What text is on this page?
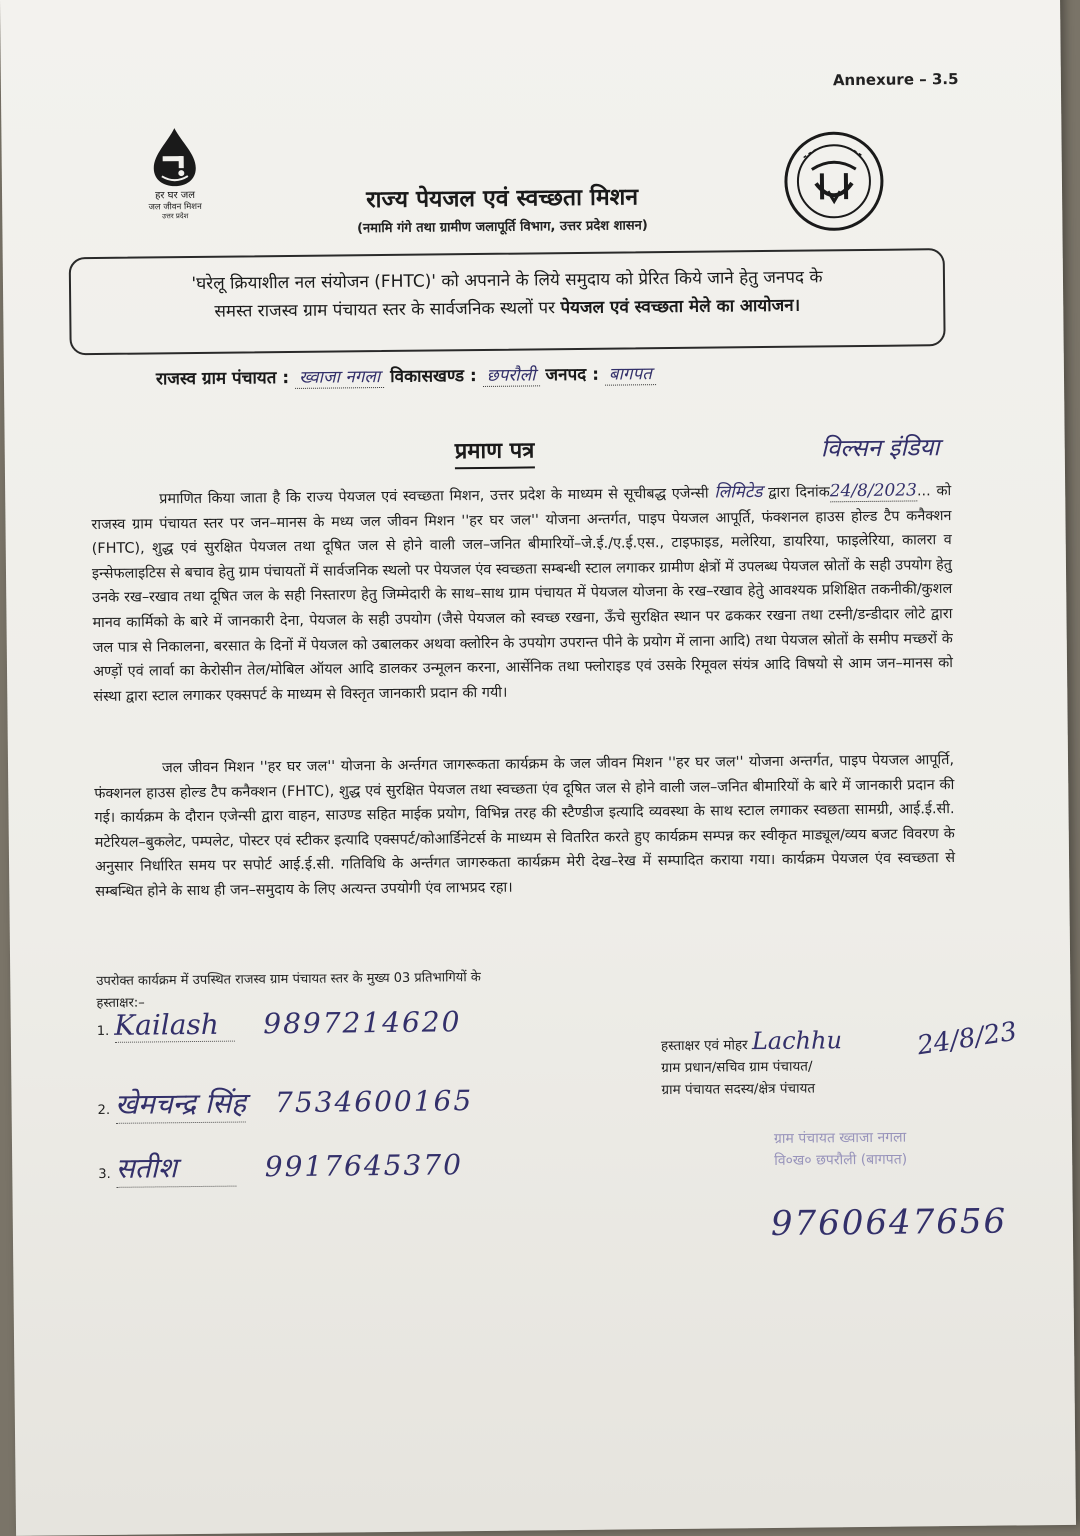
Annexure – 3.5
हर घर जल
जल जीवन मिशन
उत्तर प्रदेश
राज्य पेयजल एवं स्वच्छता मिशन
(नमामि गंगे तथा ग्रामीण जलापूर्ति विभाग, उत्तर प्रदेश शासन)
'घरेलू क्रियाशील नल संयोजन (FHTC)' को अपनाने के लिये समुदाय को प्रेरित किये जाने हेतु जनपद के
समस्त राजस्व ग्राम पंचायत स्तर के सार्वजनिक स्थलों पर पेयजल एवं स्वच्छता मेले का आयोजन।
राजस्व ग्राम पंचायत : ख्वाजा नगला विकासखण्ड : छपरौली जनपद : बागपत
प्रमाण पत्र	विल्सन इंडिया

प्रमाणित किया जाता है कि राज्य पेयजल एवं स्वच्छता मिशन, उत्तर प्रदेश के माध्यम से सूचीबद्ध एजेन्सी लिमिटेड द्वारा दिनांक24/8/2023... को राजस्व ग्राम पंचायत स्तर पर जन–मानस के मध्य जल जीवन मिशन ''हर घर जल'' योजना अन्तर्गत, पाइप पेयजल आपूर्ति, फंक्शनल हाउस होल्ड टैप कनैक्शन (FHTC), शुद्ध एवं सुरक्षित पेयजल तथा दूषित जल से होने वाली जल–जनित बीमारियों–जे.ई./ए.ई.एस., टाइफाइड, मलेरिया, डायरिया, फाइलेरिया, कालरा व इन्सेफलाइटिस से बचाव हेतु ग्राम पंचायतों में सार्वजनिक स्थलो पर पेयजल एंव स्वच्छता सम्बन्धी स्टाल लगाकर ग्रामीण क्षेत्रों में उपलब्ध पेयजल स्रोतों के सही उपयोग हेतु उनके रख–रखाव तथा दूषित जल के सही निस्तारण हेतु जिम्मेदारी के साथ–साथ ग्राम पंचायत में पेयजल योजना के रख–रखाव हेतुे आवश्यक प्रशिक्षित तकनीकी/कुशल मानव कार्मिको के बारे में जानकारी देना, पेयजल के सही उपयोग (जैसे पेयजल को स्वच्छ रखना, ऊँचे सुरक्षित स्थान पर ढककर रखना तथा टस्नी/डन्डीदार लोटे द्वारा जल पात्र से निकालना, बरसात के दिनों में पेयजल को उबालकर अथवा क्लोरिन के उपयोग उपरान्त पीने के प्रयोग में लाना आदि) तथा पेयजल स्रोतों के समीप मच्छरों के अण्ड़ों एवं लार्वा का केरोसीन तेल/मोबिल ऑयल आदि डालकर उन्मूलन करना, आर्सेनिक तथा फ्लोराइड एवं उसके रिमूवल संयंत्र आदि विषयो से आम जन–मानस को संस्था द्वारा स्टाल लगाकर एक्सपर्ट के माध्यम से विस्तृत जानकारी प्रदान की गयी।

जल जीवन मिशन ''हर घर जल'' योजना के अर्न्तगत जागरूकता कार्यक्रम के जल जीवन मिशन ''हर घर जल'' योजना अन्तर्गत, पाइप पेयजल आपूर्ति, फंक्शनल हाउस होल्ड टैप कनैक्शन (FHTC), शुद्ध एवं सुरक्षित पेयजल तथा स्वच्छता एंव दूषित जल से होने वाली जल–जनित बीमारियों के बारे में जानकारी प्रदान की गई। कार्यक्रम के दौरान एजेन्सी द्वारा वाहन, साउण्ड सहित माईक प्रयोग, विभिन्न तरह की स्टैण्डीज इत्यादि व्यवस्था के साथ स्टाल लगाकर स्वछता सामग्री, आई.ई.सी. मटेरियल–बुकलेट, पम्पलेट, पोस्टर एवं स्टीकर इत्यादि एक्सपर्ट/कोआर्डिनेटर्स के माध्यम से वितरित करते हुए कार्यक्रम सम्पन्न कर स्वीकृत माड्यूल/व्यय बजट विवरण के अनुसार निर्धारित समय पर सपोर्ट आई.ई.सी. गतिविधि के अर्न्तगत जागरुकता कार्यक्रम मेरी देख–रेख में सम्पादित कराया गया। कार्यक्रम पेयजल एंव स्वच्छता से सम्बन्धित होने के साथ ही जन–समुदाय के लिए अत्यन्त उपयोगी एंव लाभप्रद रहा।

उपरोक्त कार्यक्रम में उपस्थित राजस्व ग्राम पंचायत स्तर के मुख्य 03 प्रतिभागियों के
हस्ताक्षर:–
1. Kailash 9897214620
2. खेमचन्द्र सिंह 7534600165
3. सतीश	9917645370
हस्ताक्षर एवं मोहर Lachhu
ग्राम प्रधान/सचिव ग्राम पंचायत/
ग्राम पंचायत सदस्य/क्षेत्र पंचायत
24/8/23
ग्राम पंचायत ख्वाजा नगला
वि०ख० छपरौली (बागपत)
9760647656
